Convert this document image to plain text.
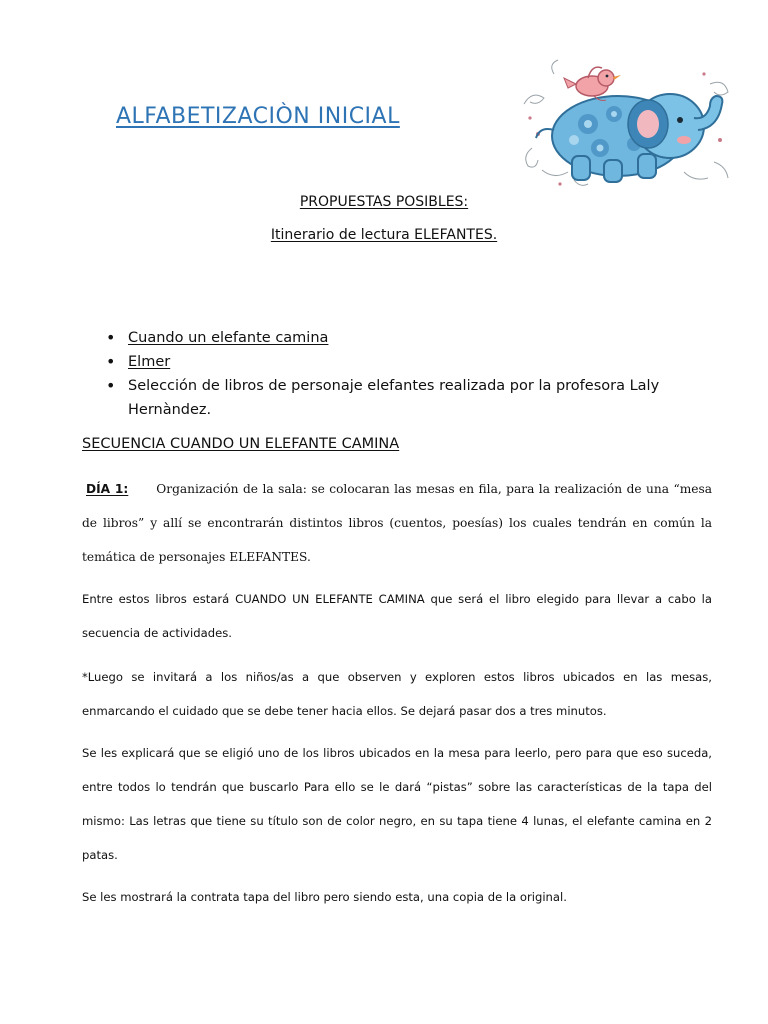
ALFABETIZACIÒN INICIAL
PROPUESTAS POSIBLES:
Itinerario de lectura ELEFANTES.
• Cuando un elefante camina
• Elmer
• Selección de libros de personaje elefantes realizada por la profesora Laly Hernàndez.
SECUENCIA CUANDO UN ELEFANTE CAMINA

DÍA 1: Organización de la sala: se colocaran las mesas en fila, para la realización de una “mesa de libros” y allí se encontrarán distintos libros (cuentos, poesías) los cuales tendrán en común la temática de personajes ELEFANTES.

Entre estos libros estará CUANDO UN ELEFANTE CAMINA que será el libro elegido para llevar a cabo la secuencia de actividades.

*Luego se invitará a los niños/as a que observen y exploren estos libros ubicados en las mesas, enmarcando el cuidado que se debe tener hacia ellos. Se dejará pasar dos a tres minutos.

Se les explicará que se eligió uno de los libros ubicados en la mesa para leerlo, pero para que eso suceda, entre todos lo tendrán que buscarlo Para ello se le dará “pistas” sobre las características de la tapa del mismo: Las letras que tiene su título son de color negro, en su tapa tiene 4 lunas, el elefante camina en 2 patas.

Se les mostrará la contrata tapa del libro pero siendo esta, una copia de la original.
